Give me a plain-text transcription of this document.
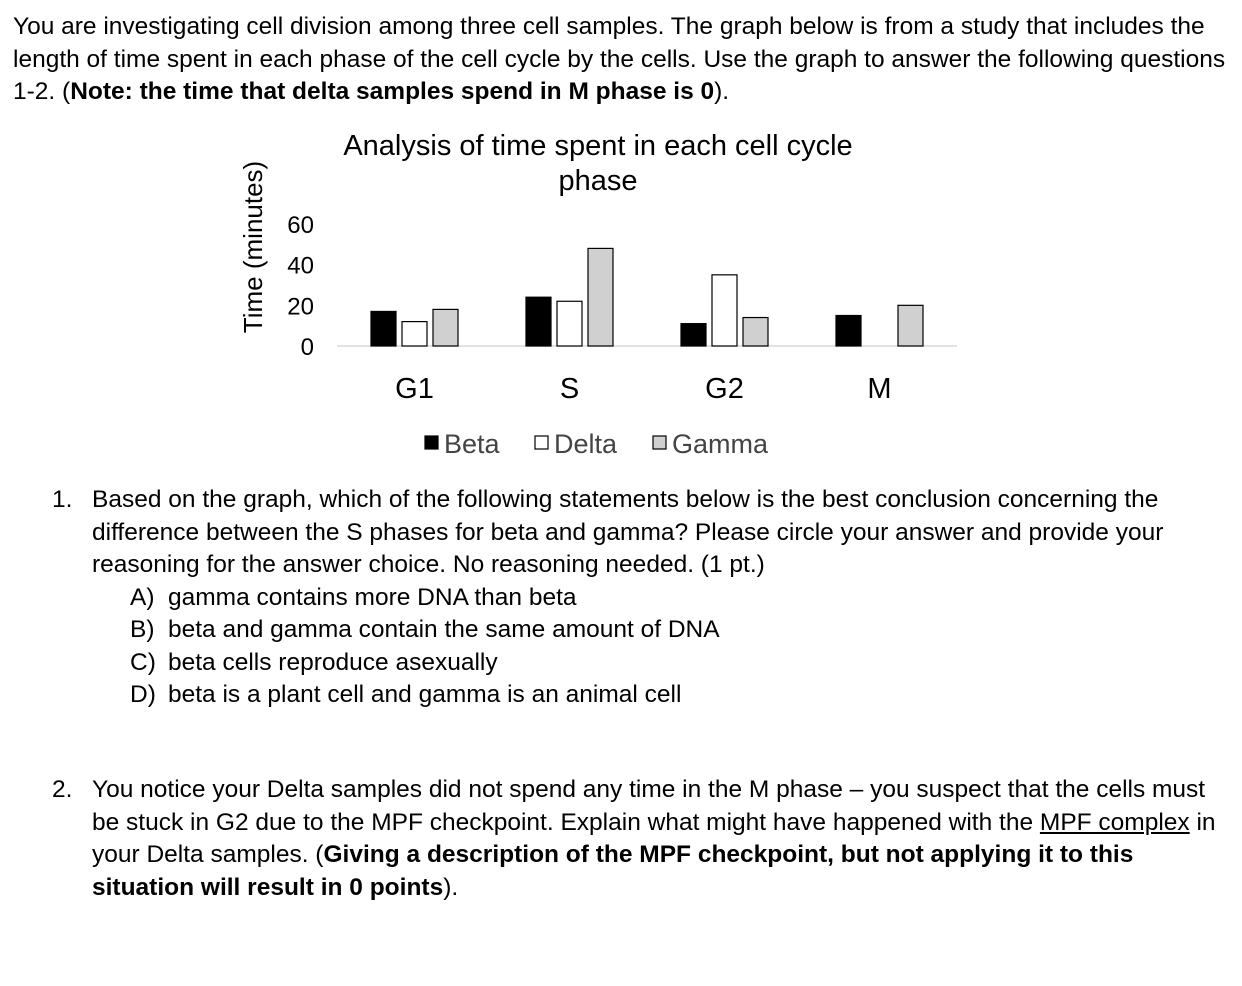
You are investigating cell division among three cell samples. The graph below is from a study that includes the length of time spent in each phase of the cell cycle by the cells. Use the graph to answer the following questions 1-2. (Note: the time that delta samples spend in M phase is 0).
Analysis of time spent in each cell cycle
phase
Time (minutes)
0
20
40
60
G1	S	G2	M
Beta Delta Gamma
1. Based on the graph, which of the following statements below is the best conclusion concerning the difference between the S phases for beta and gamma? Please circle your answer and provide your reasoning for the answer choice. No reasoning needed. (1 pt.)
A) gamma contains more DNA than beta
B) beta and gamma contain the same amount of DNA
C) beta cells reproduce asexually
D) beta is a plant cell and gamma is an animal cell
2. You notice your Delta samples did not spend any time in the M phase – you suspect that the cells must be stuck in G2 due to the MPF checkpoint. Explain what might have happened with the MPF complex in your Delta samples. (Giving a description of the MPF checkpoint, but not applying it to this situation will result in 0 points).
